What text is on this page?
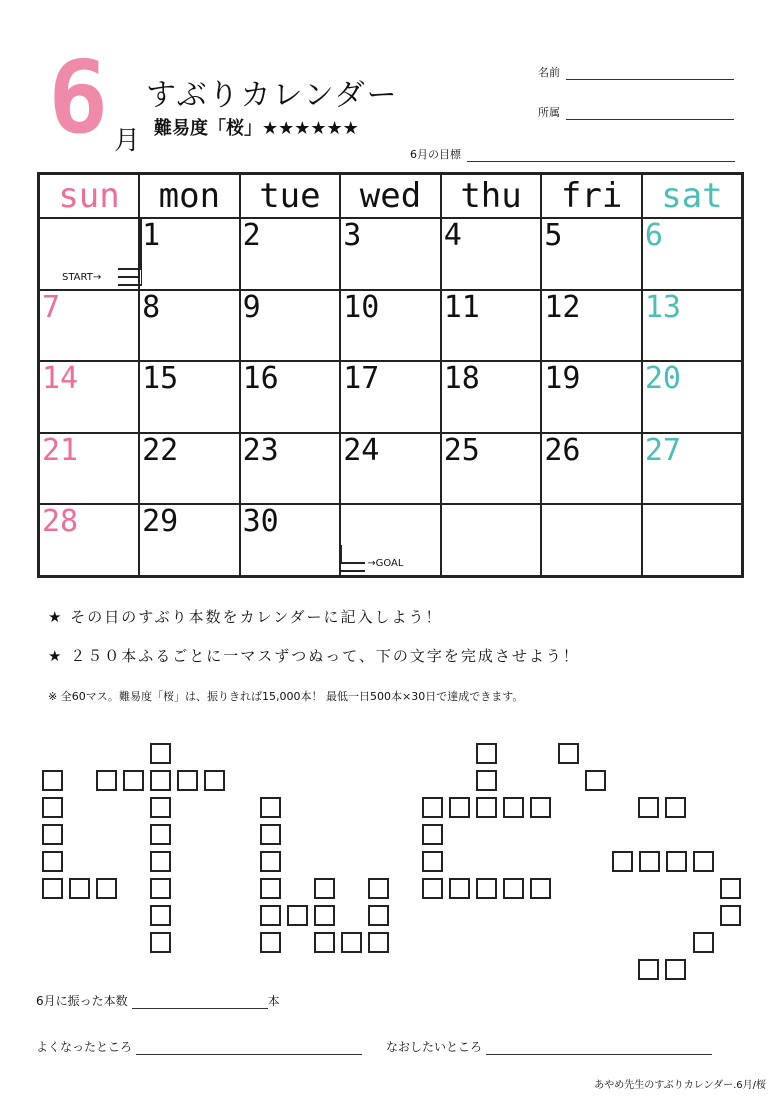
6 月
すぶりカレンダー
難易度「桜」★★★★★★
名前
所属
6月の目標
sun	mon	tue	wed	thu	fri	sat

START→	1	2	3	4	5	6

7	8	9	10	11	12	13

14	15	16	17	18	19	20

21	22	23	24	25	26	27

28	29	30	→GOAL			

★ その日のすぶり本数をカレンダーに記入しよう！
★ ２５０本ふるごとに一マスずつぬって、下の文字を完成させよう！
※ 全60マス。難易度「桜」は、振りきれば15,000本！ 最低一日500本×30日で達成できます。
6月に振った本数	本
よくなったところ	なおしたいところ
あやめ先生のすぶりカレンダー.6月/桜
